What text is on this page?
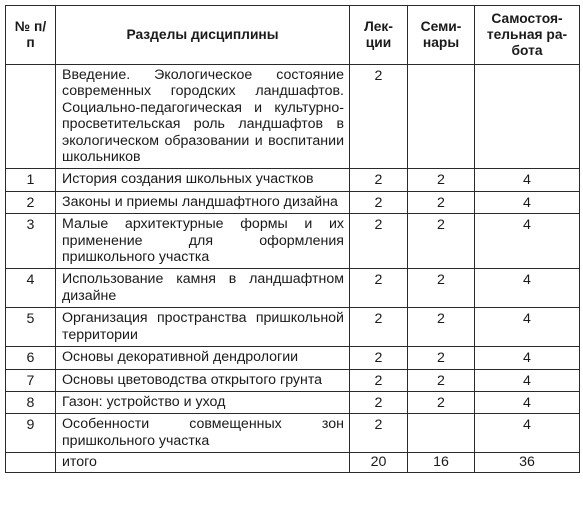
№ п/п	Разделы дисциплины	Лек-ции	Семи-нары	Самостоя-тельная ра-бота
	Введение. Экологическое состояние современных городских ландшафтов. Социально-педагогическая и культурно-просветительская роль ландшафтов в экологическом образовании и воспитании школьников	2		
1	История создания школьных участков	2	2	4
2	Законы и приемы ландшафтного дизайна	2	2	4
3	Малые архитектурные формы и их применение для оформления пришкольного участка	2	2	4
4	Использование камня в ландшафтном дизайне	2	2	4
5	Организация пространства пришкольной территории	2	2	4
6	Основы декоративной дендрологии	2	2	4
7	Основы цветоводства открытого грунта	2	2	4
8	Газон: устройство и уход	2	2	4
9	Особенности совмещенных зон пришкольного участка	2		4
	итого	20	16	36
